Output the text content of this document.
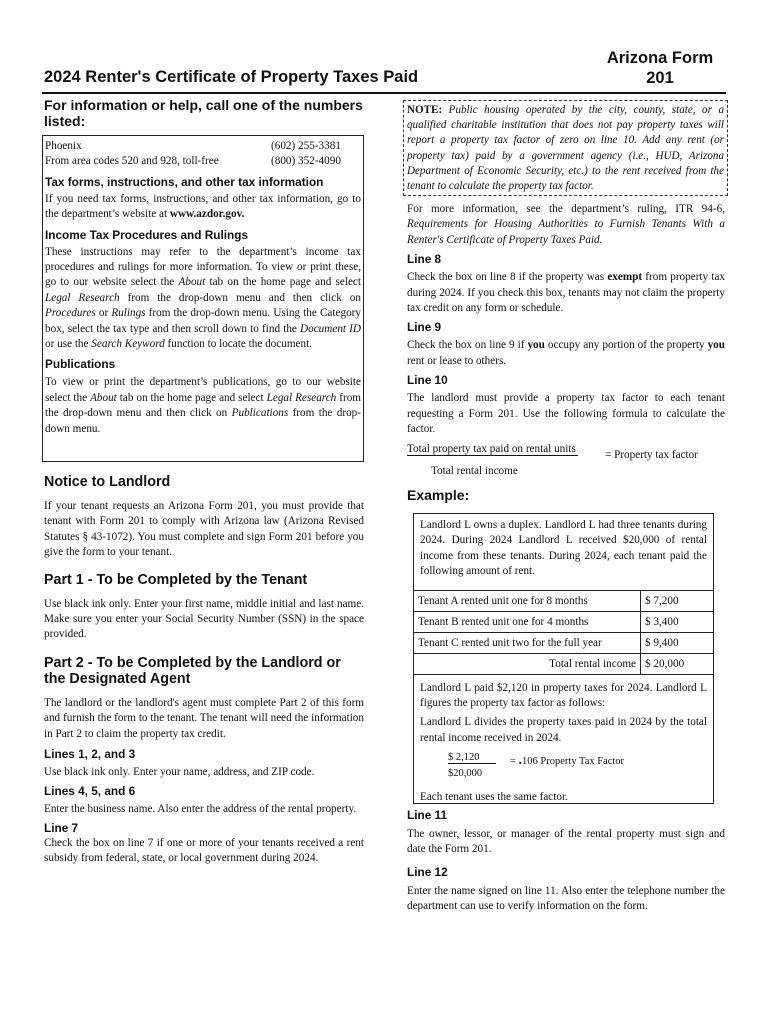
2024 Renter's Certificate of Property Taxes Paid
Arizona Form
201
For information or help, call one of the numbers listed:
Phoenix	(602) 255-3381
From area codes 520 and 928, toll-free	(800) 352-4090
Tax forms, instructions, and other tax information

If you need tax forms, instructions, and other tax information, go to the department’s website at www.azdor.gov.

Income Tax Procedures and Rulings

These instructions may refer to the department’s income tax procedures and rulings for more information. To view or print these, go to our website select the About tab on the home page and select Legal Research from the drop-down menu and then click on Procedures or Rulings from the drop-down menu. Using the Category box, select the tax type and then scroll down to find the Document ID or use the Search Keyword function to locate the document.

Publications

To view or print the department’s publications, go to our website select the About tab on the home page and select Legal Research from the drop-down menu and then click on Publications from the drop-down menu.

Notice to Landlord

If your tenant requests an Arizona Form 201, you must provide that tenant with Form 201 to comply with Arizona law (Arizona Revised Statutes § 43-1072). You must complete and sign Form 201 before you give the form to your tenant.

Part 1 - To be Completed by the Tenant

Use black ink only. Enter your first name, middle initial and last name. Make sure you enter your Social Security Number (SSN) in the space provided.

Part 2 - To be Completed by the Landlord or the Designated Agent

The landlord or the landlord's agent must complete Part 2 of this form and furnish the form to the tenant. The tenant will need the information in Part 2 to claim the property tax credit.

Lines 1, 2, and 3

Use black ink only. Enter your name, address, and ZIP code.

Lines 4, 5, and 6

Enter the business name. Also enter the address of the rental property.

Line 7

Check the box on line 7 if one or more of your tenants received a rent subsidy from federal, state, or local government during 2024.

NOTE: Public housing operated by the city, county, state, or a qualified charitable institution that does not pay property taxes will report a property tax factor of zero on line 10. Add any rent (or property tax) paid by a government agency (i.e., HUD, Arizona Department of Economic Security, etc.) to the rent received from the tenant to calculate the property tax factor.

For more information, see the department’s ruling, ITR 94-6, Requirements for Housing Authorities to Furnish Tenants With a Renter's Certificate of Property Taxes Paid.

Line 8

Check the box on line 8 if the property was exempt from property tax during 2024. If you check this box, tenants may not claim the property tax credit on any form or schedule.

Line 9

Check the box on line 9 if you occupy any portion of the property you rent or lease to others.

Line 10

The landlord must provide a property tax factor to each tenant requesting a Form 201. Use the following formula to calculate the factor.

Total property tax paid on rental units	= Property tax factor
Total rental income
Example:

Landlord L owns a duplex. Landlord L had three tenants during 2024. During 2024 Landlord L received $20,000 of rental income from these tenants. During 2024, each tenant paid the following amount of rent.

Tenant A rented unit one for 8 months	$ 7,200
Tenant B rented unit one for 4 months	$ 3,400
Tenant C rented unit two for the full year	$ 9,400
Total rental income	$ 20,000

Landlord L paid $2,120 in property taxes for 2024. Landlord L figures the property tax factor as follows:

Landlord L divides the property taxes paid in 2024 by the total rental income received in 2024.

$ 2,120
$20,000
= .106 Property Tax Factor

Each tenant uses the same factor.

Line 11

The owner, lessor, or manager of the rental property must sign and date the Form 201.

Line 12

Enter the name signed on line 11. Also enter the telephone number the department can use to verify information on the form.
